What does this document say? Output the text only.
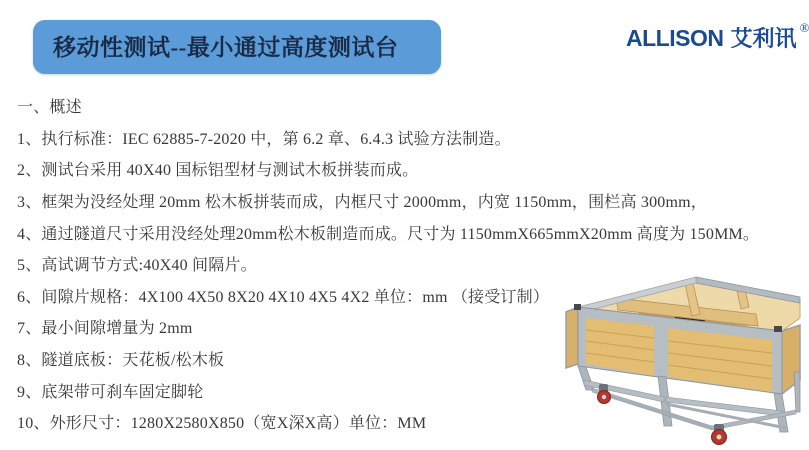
移动性测试--最小通过高度测试台	ALLISON 艾利讯 ®
一、概述
1、执行标准：IEC 62885-7-2020 中，第 6.2 章、6.4.3 试验方法制造。
2、测试台采用 40X40 国标铝型材与测试木板拼装而成。
3、框架为没经处理 20mm 松木板拼装而成，内框尺寸 2000mm，内宽 1150mm，围栏高 300mm，
4、通过隧道尺寸采用没经处理20mm松木板制造而成。尺寸为 1150mmX665mmX20mm 高度为 150MM。
5、高试调节方式:40X40 间隔片。
6、间隙片规格：4X100 4X50 8X20 4X10 4X5 4X2 单位：mm （接受订制）
7、最小间隙增量为 2mm
8、隧道底板：天花板/松木板
9、底架带可刹车固定脚轮
10、外形尺寸：1280X2580X850（宽X深X高）单位：MM
